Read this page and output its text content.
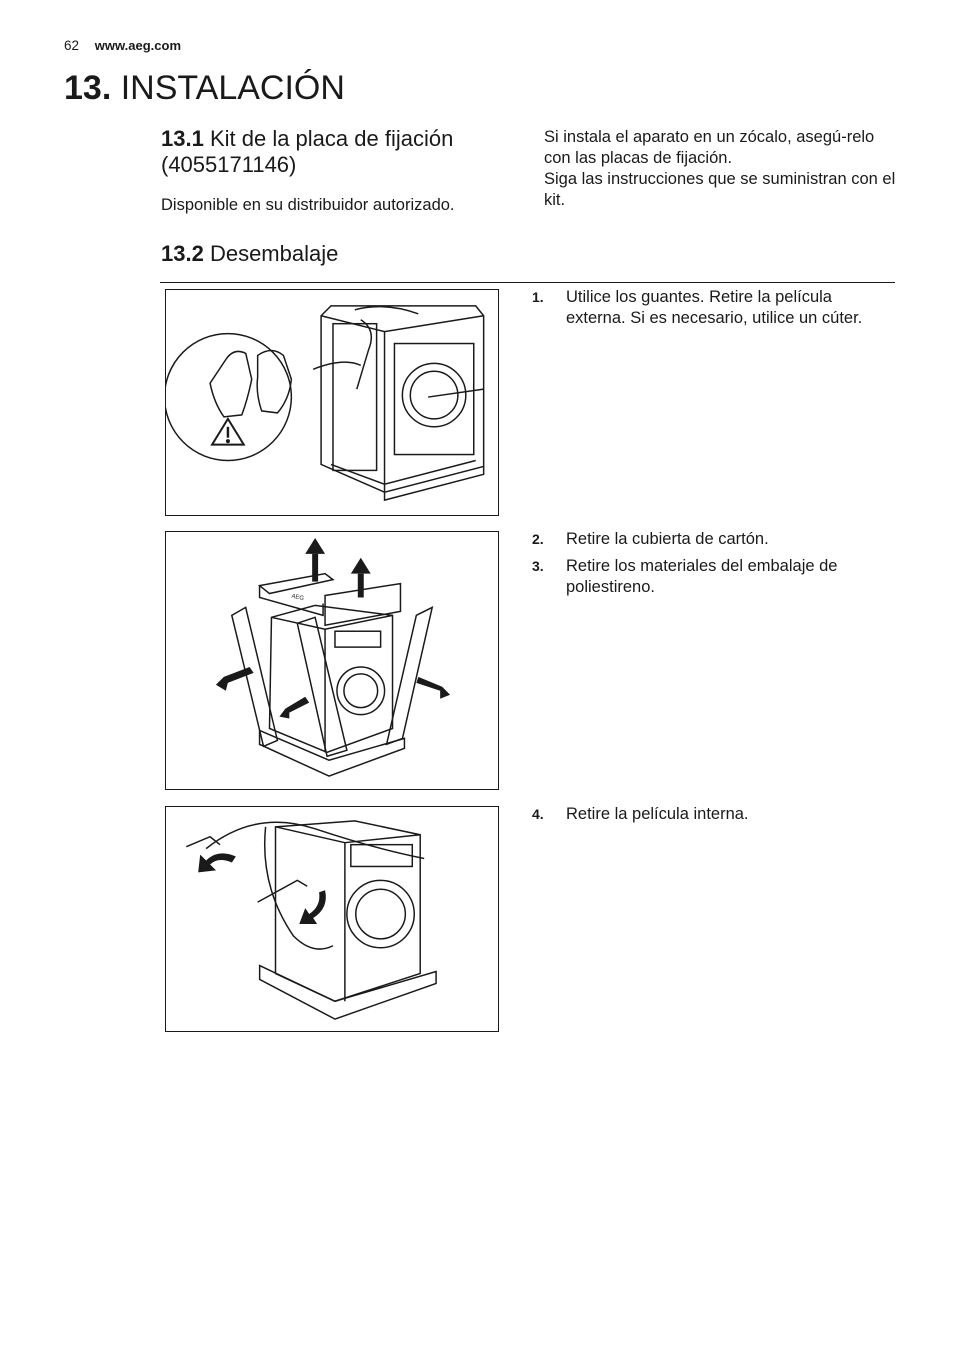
62 www.aeg.com
13. INSTALACIÓN
13.1 Kit de la placa de fijación
(4055171146)
Disponible en su distribuidor autorizado.
Si instala el aparato en un zócalo, asegú-relo con las placas de fijación.
Siga las instrucciones que se suministran con el kit.
13.2 Desembalaje
1.	Utilice los guantes. Retire la película externa. Si es necesario, utilice un cúter.
AEG
2.	Retire la cubierta de cartón.
3.	Retire los materiales del embalaje de poliestireno.
4.	Retire la película interna.
